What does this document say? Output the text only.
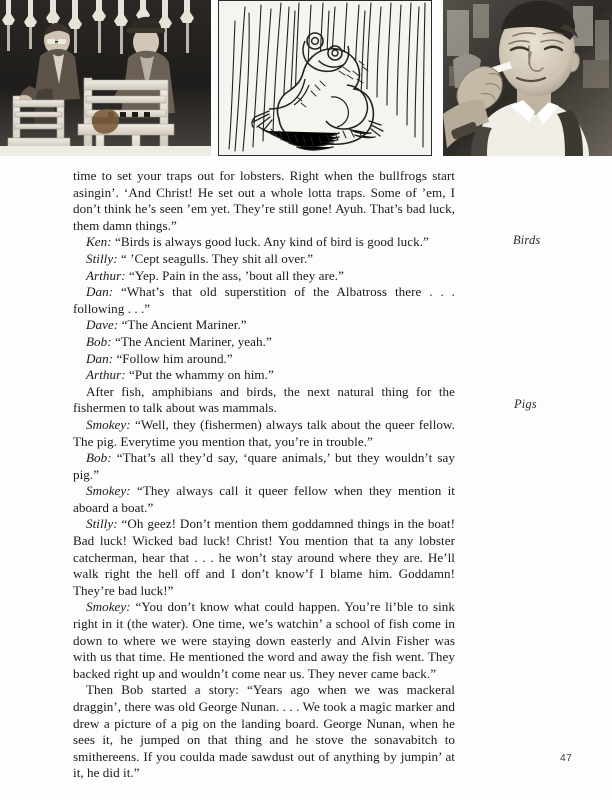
Birds
Pigs

time to set your traps out for lobsters. Right when the bullfrogs start asingin’. ‘And Christ! He set out a whole lotta traps. Some of ’em, I don’t think he’s seen ’em yet. They’re still gone! Ayuh. That’s bad luck, them damn things.”

Ken: “Birds is always good luck. Any kind of bird is good luck.”

Stilly: “ ’Cept seagulls. They shit all over.”

Arthur: “Yep. Pain in the ass, ’bout all they are.”

Dan: “What’s that old superstition of the Albatross there . . . following . . .”

Dave: “The Ancient Mariner.”

Bob: “The Ancient Mariner, yeah.”

Dan: “Follow him around.”

Arthur: “Put the whammy on him.”

After fish, amphibians and birds, the next natural thing for the fishermen to talk about was mammals.

Smokey: “Well, they (fishermen) always talk about the queer fellow. The pig. Everytime you mention that, you’re in trouble.”

Bob: “That’s all they’d say, ‘quare animals,’ but they wouldn’t say pig.”

Smokey: “They always call it queer fellow when they mention it aboard a boat.”

Stilly: “Oh geez! Don’t mention them goddamned things in the boat! Bad luck! Wicked bad luck! Christ! You mention that ta any lobster catcherman, hear that . . . he won’t stay around where they are. He’ll walk right the hell off and I don’t know’f I blame him. Goddamn! They’re bad luck!”

Smokey: “You don’t know what could happen. You’re li’ble to sink right in it (the water). One time, we’s watchin’ a school of fish come in down to where we were staying down easterly and Alvin Fisher was with us that time. He mentioned the word and away the fish went. They backed right up and wouldn’t come near us. They never came back.”

Then Bob started a story: “Years ago when we was mackeral draggin’, there was old George Nunan. . . . We took a magic marker and drew a picture of a pig on the landing board. George Nunan, when he sees it, he jumped on that thing and he stove the sonavabitch to smithereens. If you coulda made sawdust out of anything by jumpin’ at it, he did it.”

47
